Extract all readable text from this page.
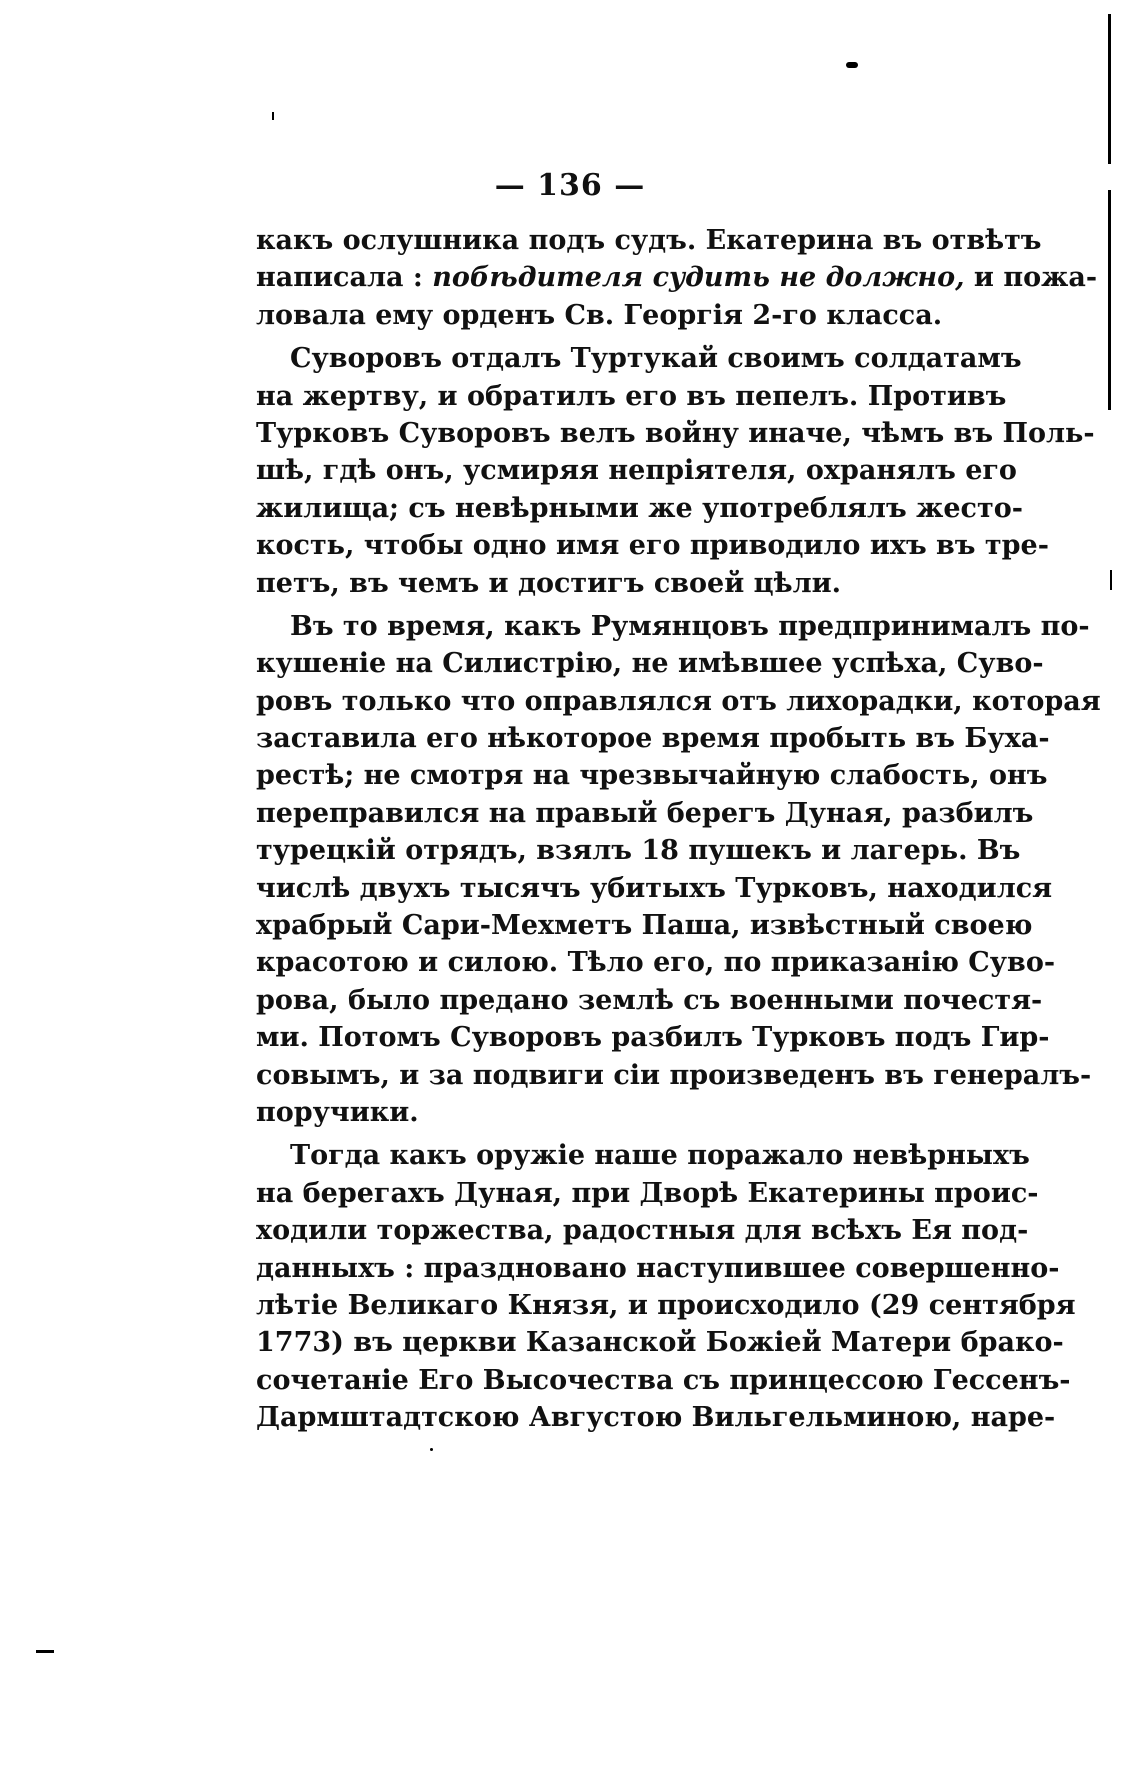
— 136 —
какъ ослушника подъ судъ. Екатерина въ отвѣтъ
написала : побѣдителя судить не должно, и пожа-
ловала ему орденъ Св. Георгія 2-го класса.
Суворовъ отдалъ Туртукай своимъ солдатамъ
на жертву, и обратилъ его въ пепелъ. Противъ
Турковъ Суворовъ велъ войну иначе, чѣмъ въ Поль-
шѣ, гдѣ онъ, усмиряя непріятеля, охранялъ его
жилища; съ невѣрными же употреблялъ жесто-
кость, чтобы одно имя его приводило ихъ въ тре-
петъ, въ чемъ и достигъ своей цѣли.
Въ то время, какъ Румянцовъ предпринималъ по-
кушеніе на Силистрію, не имѣвшее успѣха, Суво-
ровъ только что оправлялся отъ лихорадки, которая
заставила его нѣкоторое время пробыть въ Буха-
рестѣ; не смотря на чрезвычайную слабость, онъ
переправился на правый берегъ Дуная, разбилъ
турецкій отрядъ, взялъ 18 пушекъ и лагерь. Въ
числѣ двухъ тысячъ убитыхъ Турковъ, находился
храбрый Сари-Мехметъ Паша, извѣстный своею
красотою и силою. Тѣло его, по приказанію Суво-
рова, было предано землѣ съ военными почестя-
ми. Потомъ Суворовъ разбилъ Турковъ подъ Гир-
совымъ, и за подвиги сіи произведенъ въ генералъ-
поручики.
Тогда какъ оружіе наше поражало невѣрныхъ
на берегахъ Дуная, при Дворѣ Екатерины проис-
ходили торжества, радостныя для всѣхъ Ея под-
данныхъ : праздновано наступившее совершенно-
лѣтіе Великаго Князя, и происходило (29 сентября
1773) въ церкви Казанской Божіей Матери брако-
сочетаніе Его Высочества съ принцессою Гессенъ-
Дармштадтскою Августою Вильгельминою, наре-
